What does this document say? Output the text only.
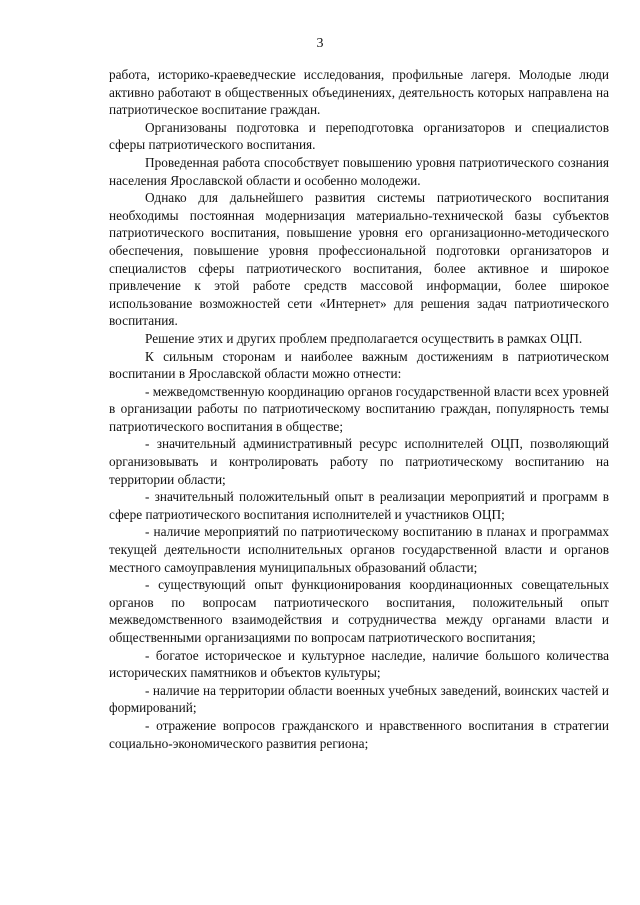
3

работа, историко-краеведческие исследования, профильные лагеря. Молодые люди активно работают в общественных объединениях, деятельность которых направлена на патриотическое воспитание граждан.

Организованы подготовка и переподготовка организаторов и специалистов сферы патриотического воспитания.

Проведенная работа способствует повышению уровня патриотического сознания населения Ярославской области и особенно молодежи.

Однако для дальнейшего развития системы патриотического воспитания необходимы постоянная модернизация материально-технической базы субъектов патриотического воспитания, повышение уровня его организационно-методического обеспечения, повышение уровня профессиональной подготовки организаторов и специалистов сферы патриотического воспитания, более активное и широкое привлечение к этой работе средств массовой информации, более широкое использование возможностей сети «Интернет» для решения задач патриотического воспитания.

Решение этих и других проблем предполагается осуществить в рамках ОЦП.

К сильным сторонам и наиболее важным достижениям в патриотическом воспитании в Ярославской области можно отнести:

- межведомственную координацию органов государственной власти всех уровней в организации работы по патриотическому воспитанию граждан, популярность темы патриотического воспитания в обществе;

- значительный административный ресурс исполнителей ОЦП, позволяющий организовывать и контролировать работу по патриотическому воспитанию на территории области;

- значительный положительный опыт в реализации мероприятий и программ в сфере патриотического воспитания исполнителей и участников ОЦП;

- наличие мероприятий по патриотическому воспитанию в планах и программах текущей деятельности исполнительных органов государственной власти и органов местного самоуправления муниципальных образований области;

- существующий опыт функционирования координационных совещательных органов по вопросам патриотического воспитания, положительный опыт межведомственного взаимодействия и сотрудничества между органами власти и общественными организациями по вопросам патриотического воспитания;

- богатое историческое и культурное наследие, наличие большого количества исторических памятников и объектов культуры;

- наличие на территории области военных учебных заведений, воинских частей и формирований;

- отражение вопросов гражданского и нравственного воспитания в стратегии социально-экономического развития региона;
